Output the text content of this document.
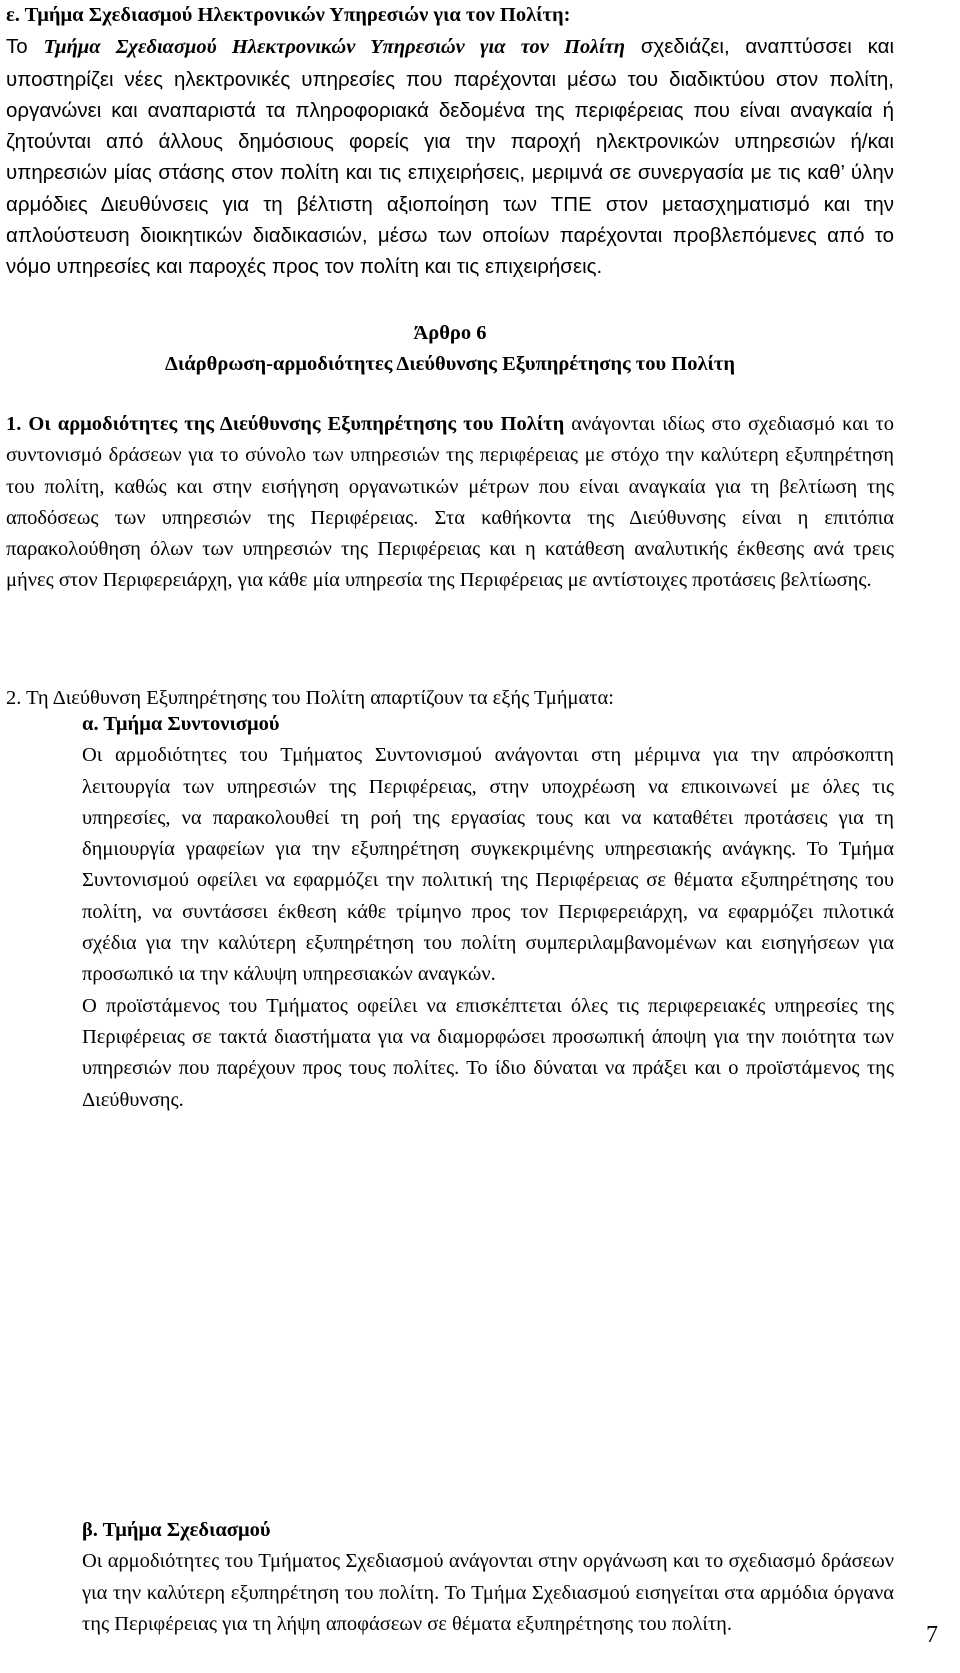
ε. Τμήμα Σχεδιασμού Ηλεκτρονικών Υπηρεσιών για τον Πολίτη:
Το Τμήμα Σχεδιασμού Ηλεκτρονικών Υπηρεσιών για τον Πολίτη σχεδιάζει, αναπτύσσει και υποστηρίζει νέες ηλεκτρονικές υπηρεσίες που παρέχονται μέσω του διαδικτύου στον πολίτη, οργανώνει και αναπαριστά τα πληροφοριακά δεδομένα της περιφέρειας που είναι αναγκαία ή ζητούνται από άλλους δημόσιους φορείς για την παροχή ηλεκτρονικών υπηρεσιών ή/και υπηρεσιών μίας στάσης στον πολίτη και τις επιχειρήσεις, μεριμνά σε συνεργασία με τις καθ’ ύλην αρμόδιες Διευθύνσεις για τη βέλτιστη αξιοποίηση των ΤΠΕ στον μετασχηματισμό και την απλούστευση διοικητικών διαδικασιών, μέσω των οποίων παρέχονται προβλεπόμενες από το νόμο υπηρεσίες και παροχές προς τον πολίτη και τις επιχειρήσεις.
Άρθρο 6
Διάρθρωση-αρμοδιότητες Διεύθυνσης Εξυπηρέτησης του Πολίτη
1. Οι αρμοδιότητες της Διεύθυνσης Εξυπηρέτησης του Πολίτη ανάγονται ιδίως στο σχεδιασμό και το συντονισμό δράσεων για το σύνολο των υπηρεσιών της περιφέρειας με στόχο την καλύτερη εξυπηρέτηση του πολίτη, καθώς και στην εισήγηση οργανωτικών μέτρων που είναι αναγκαία για τη βελτίωση της αποδόσεως των υπηρεσιών της Περιφέρειας. Στα καθήκοντα της Διεύθυνσης είναι η επιτόπια παρακολούθηση όλων των υπηρεσιών της Περιφέρειας και η κατάθεση αναλυτικής έκθεσης ανά τρεις μήνες στον Περιφερειάρχη, για κάθε μία υπηρεσία της Περιφέρειας με αντίστοιχες προτάσεις βελτίωσης.
2. Τη Διεύθυνση Εξυπηρέτησης του Πολίτη απαρτίζουν τα εξής Τμήματα:
α. Τμήμα Συντονισμού
Οι αρμοδιότητες του Τμήματος Συντονισμού ανάγονται στη μέριμνα για την απρόσκοπτη λειτουργία των υπηρεσιών της Περιφέρειας, στην υποχρέωση να επικοινωνεί με όλες τις υπηρεσίες, να παρακολουθεί τη ροή της εργασίας τους και να καταθέτει προτάσεις για τη δημιουργία γραφείων για την εξυπηρέτηση συγκεκριμένης υπηρεσιακής ανάγκης. Το Τμήμα Συντονισμού οφείλει να εφαρμόζει την πολιτική της Περιφέρειας σε θέματα εξυπηρέτησης του πολίτη, να συντάσσει έκθεση κάθε τρίμηνο προς τον Περιφερειάρχη, να εφαρμόζει πιλοτικά σχέδια για την καλύτερη εξυπηρέτηση του πολίτη συμπεριλαμβανομένων και εισηγήσεων για προσωπικό ια την κάλυψη υπηρεσιακών αναγκών.
Ο προϊστάμενος του Τμήματος οφείλει να επισκέπτεται όλες τις περιφερειακές υπηρεσίες της Περιφέρειας σε τακτά διαστήματα για να διαμορφώσει προσωπική άποψη για την ποιότητα των υπηρεσιών που παρέχουν προς τους πολίτες. Το ίδιο δύναται να πράξει και ο προϊστάμενος της Διεύθυνσης.
β. Τμήμα Σχεδιασμού
Οι αρμοδιότητες του Τμήματος Σχεδιασμού ανάγονται στην οργάνωση και το σχεδιασμό δράσεων για την καλύτερη εξυπηρέτηση του πολίτη. Το Τμήμα Σχεδιασμού εισηγείται στα αρμόδια όργανα της Περιφέρειας για τη λήψη αποφάσεων σε θέματα εξυπηρέτησης του πολίτη.	7
